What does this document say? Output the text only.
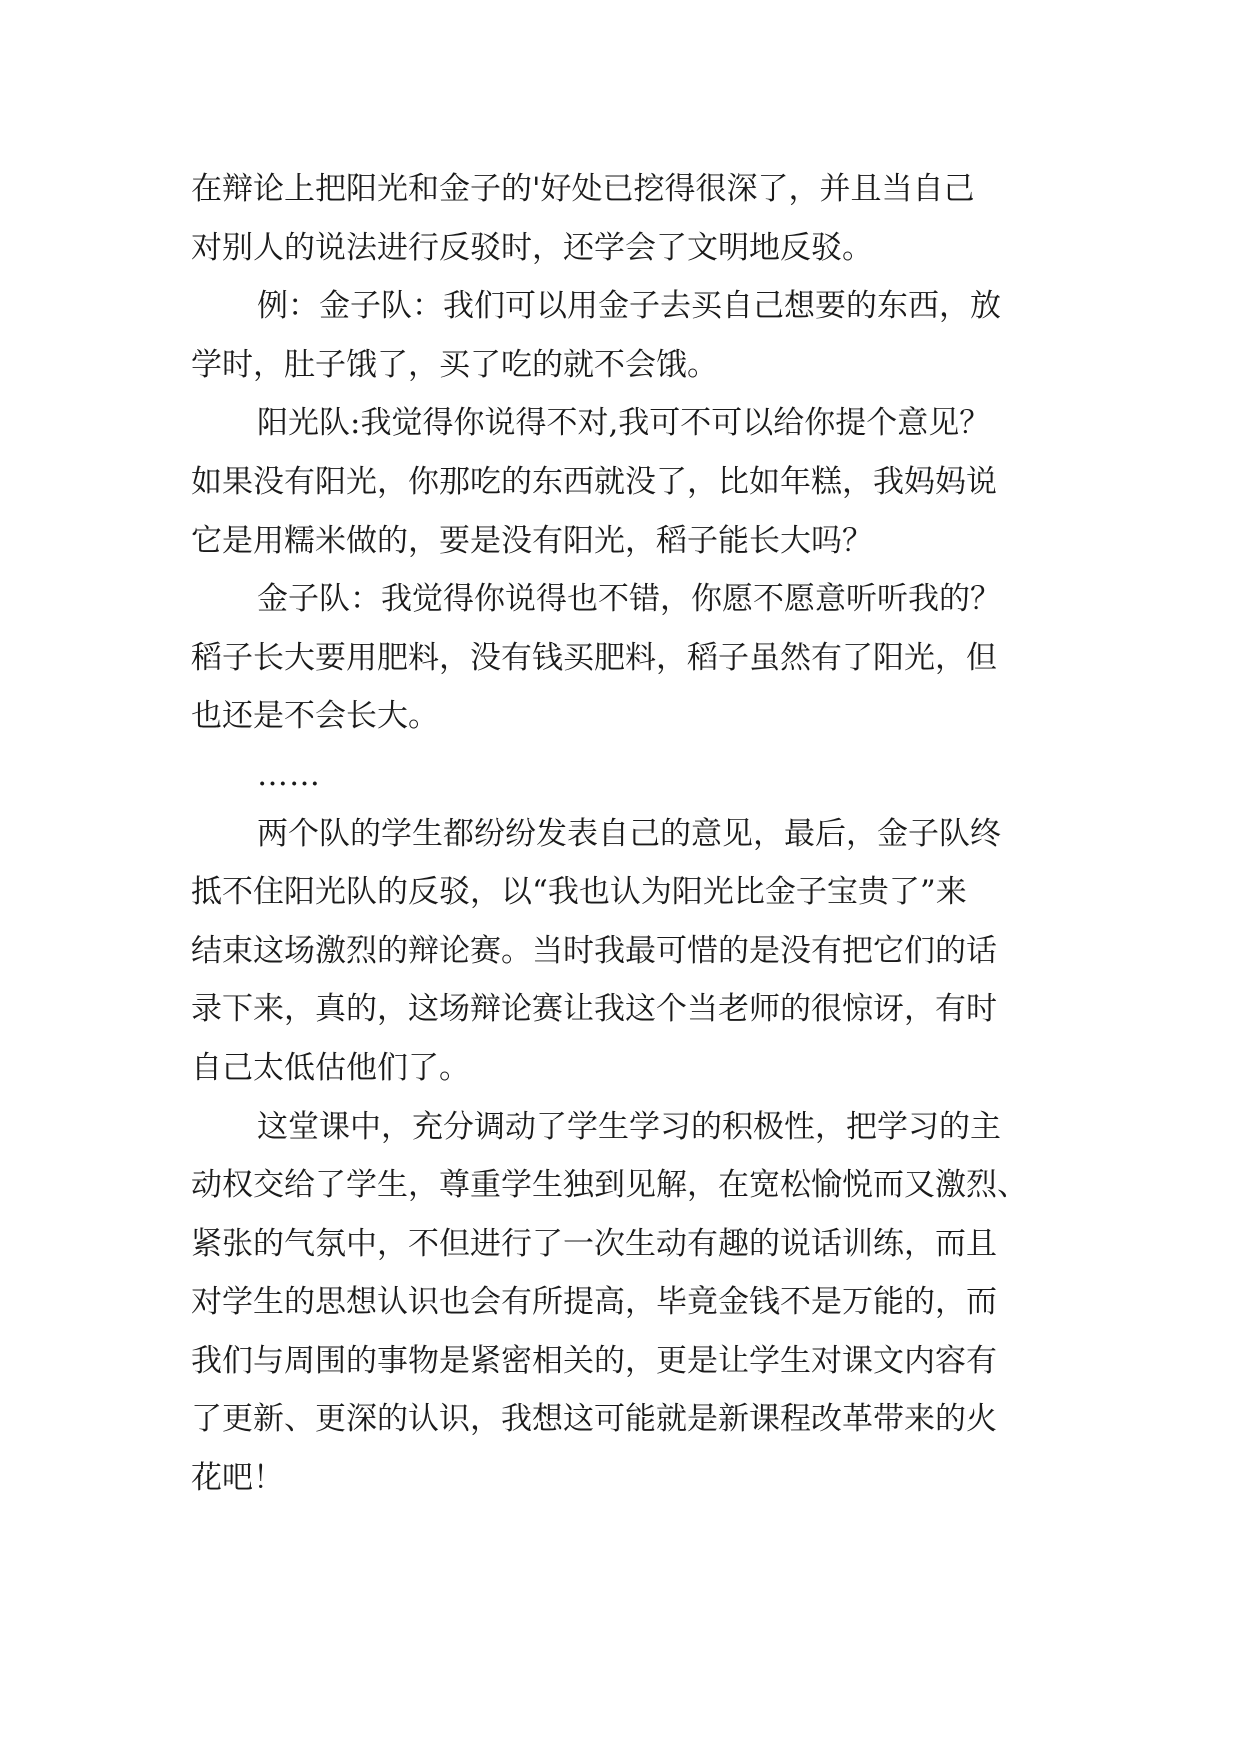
在辩论上把阳光和金子的'好处已挖得很深了，并且当自己
对别人的说法进行反驳时，还学会了文明地反驳。
例：金子队：我们可以用金子去买自己想要的东西，放
学时，肚子饿了，买了吃的就不会饿。
阳光队:我觉得你说得不对,我可不可以给你提个意见？
如果没有阳光，你那吃的东西就没了，比如年糕，我妈妈说
它是用糯米做的，要是没有阳光，稻子能长大吗？
金子队：我觉得你说得也不错，你愿不愿意听听我的？
稻子长大要用肥料，没有钱买肥料，稻子虽然有了阳光，但
也还是不会长大。
……
两个队的学生都纷纷发表自己的意见，最后，金子队终
抵不住阳光队的反驳，以“我也认为阳光比金子宝贵了”来
结束这场激烈的辩论赛。当时我最可惜的是没有把它们的话
录下来，真的，这场辩论赛让我这个当老师的很惊讶，有时
自己太低估他们了。
这堂课中，充分调动了学生学习的积极性，把学习的主
动权交给了学生，尊重学生独到见解，在宽松愉悦而又激烈、
紧张的气氛中，不但进行了一次生动有趣的说话训练，而且
对学生的思想认识也会有所提高，毕竟金钱不是万能的，而
我们与周围的事物是紧密相关的，更是让学生对课文内容有
了更新、更深的认识，我想这可能就是新课程改革带来的火
花吧！
